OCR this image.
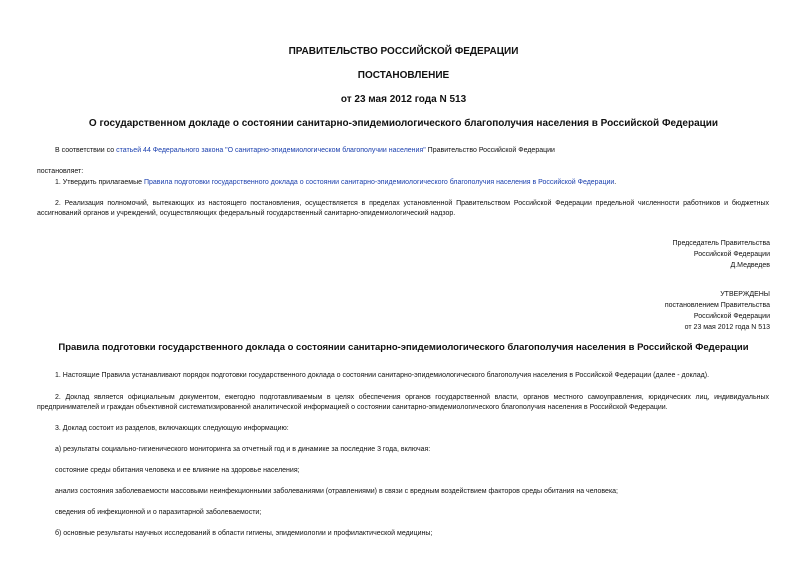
ПРАВИТЕЛЬСТВО РОССИЙСКОЙ ФЕДЕРАЦИИ
ПОСТАНОВЛЕНИЕ
от 23 мая 2012 года N 513
О государственном докладе о состоянии санитарно-эпидемиологического благополучия населения в Российской Федерации
В соответствии со статьей 44 Федерального закона "О санитарно-эпидемиологическом благополучии населения" Правительство Российской Федерации
постановляет:
1. Утвердить прилагаемые Правила подготовки государственного доклада о состоянии санитарно-эпидемиологического благополучия населения в Российской Федерации.
2. Реализация полномочий, вытекающих из настоящего постановления, осуществляется в пределах установленной Правительством Российской Федерации предельной численности работников и бюджетных ассигнований органов и учреждений, осуществляющих федеральный государственный санитарно-эпидемиологический надзор.
Председатель Правительства
Российской Федерации
Д.Медведев
УТВЕРЖДЕНЫ
постановлением Правительства
Российской Федерации
от 23 мая 2012 года N 513
Правила подготовки государственного доклада о состоянии санитарно-эпидемиологического благополучия населения в Российской Федерации
1. Настоящие Правила устанавливают порядок подготовки государственного доклада о состоянии санитарно-эпидемиологического благополучия населения в Российской Федерации (далее - доклад).
2. Доклад является официальным документом, ежегодно подготавливаемым в целях обеспечения органов государственной власти, органов местного самоуправления, юридических лиц, индивидуальных предпринимателей и граждан объективной систематизированной аналитической информацией о состоянии санитарно-эпидемиологического благополучия населения в Российской Федерации.
3. Доклад состоит из разделов, включающих следующую информацию:
а) результаты социально-гигиенического мониторинга за отчетный год и в динамике за последние 3 года, включая:
состояние среды обитания человека и ее влияние на здоровье населения;
анализ состояния заболеваемости массовыми неинфекционными заболеваниями (отравлениями) в связи с вредным воздействием факторов среды обитания на человека;
сведения об инфекционной и о паразитарной заболеваемости;
б) основные результаты научных исследований в области гигиены, эпидемиологии и профилактической медицины;
